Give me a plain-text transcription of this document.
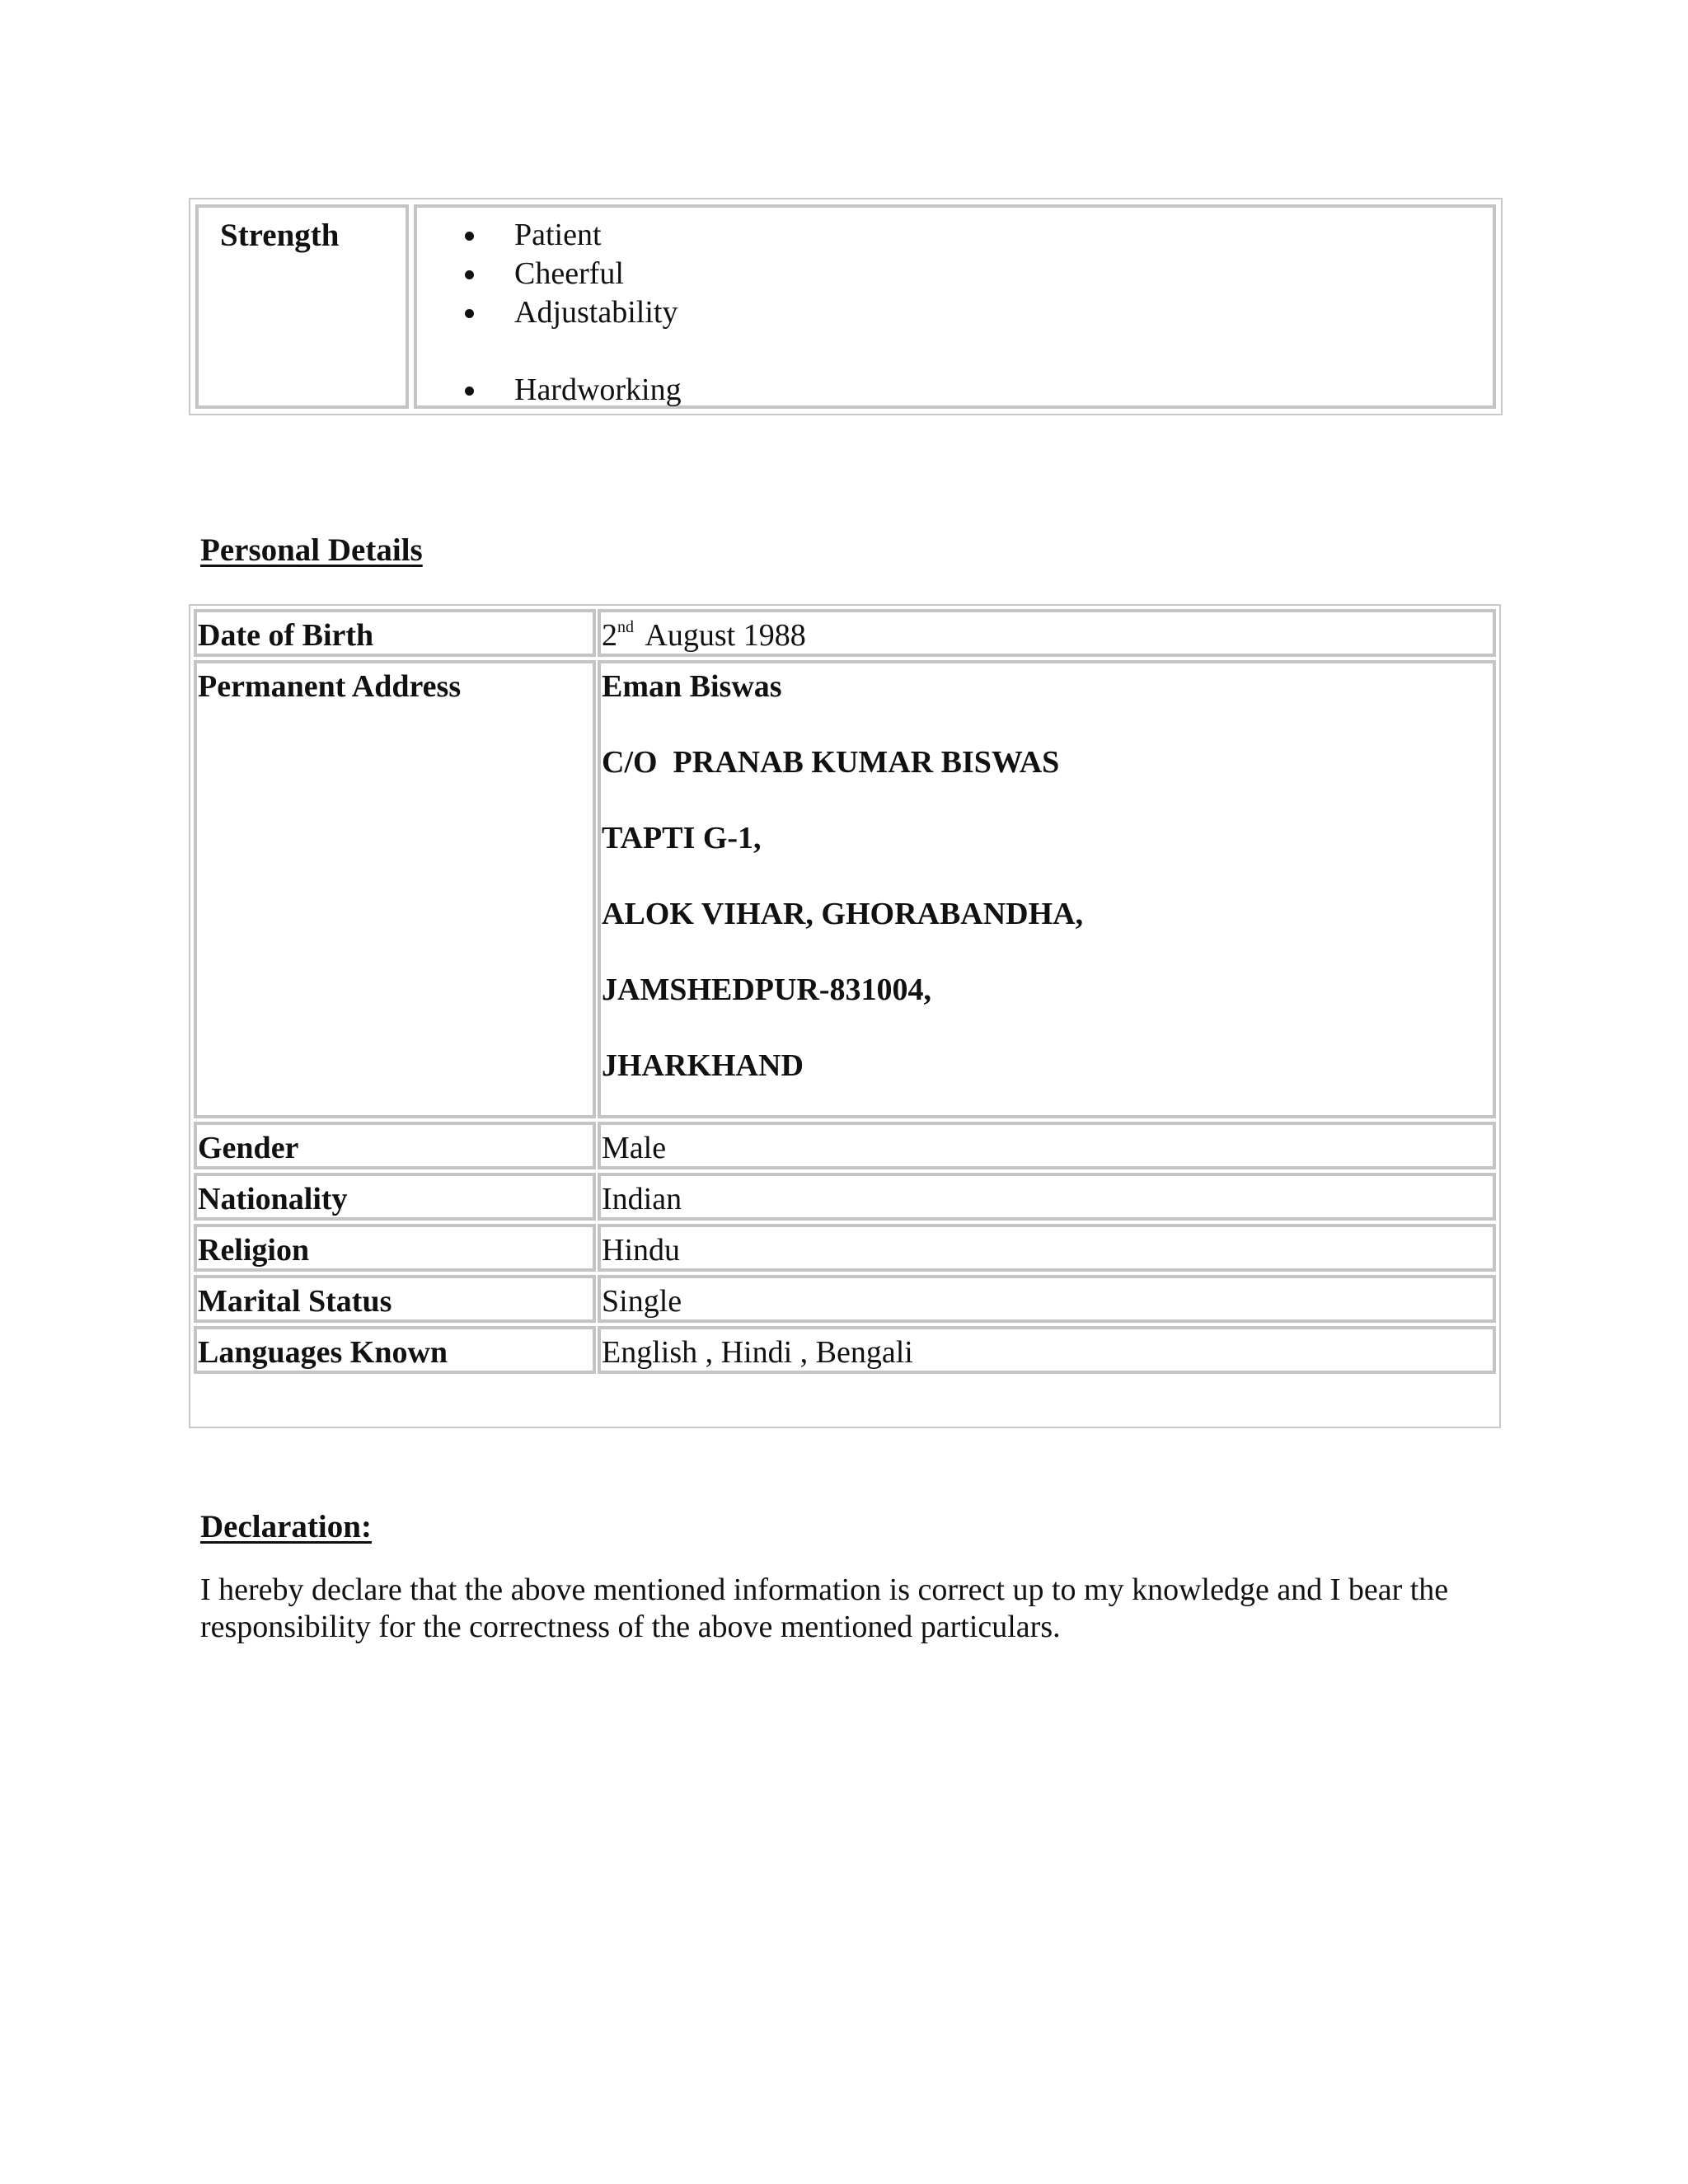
Strength	Patient
Cheerful
Adjustability
Hardworking
Personal Details
Date of Birth	2nd August 1988
Permanent Address	Eman Biswas
C/O  PRANAB KUMAR BISWAS
TAPTI G-1,
ALOK VIHAR, GHORABANDHA,
JAMSHEDPUR-831004,
JHARKHAND
Gender	Male
Nationality	Indian
Religion	Hindu
Marital Status	Single
Languages Known	English , Hindi , Bengali
Declaration:

I hereby declare that the above mentioned information is correct up to my knowledge and I bear the responsibility for the correctness of the above mentioned particulars.
